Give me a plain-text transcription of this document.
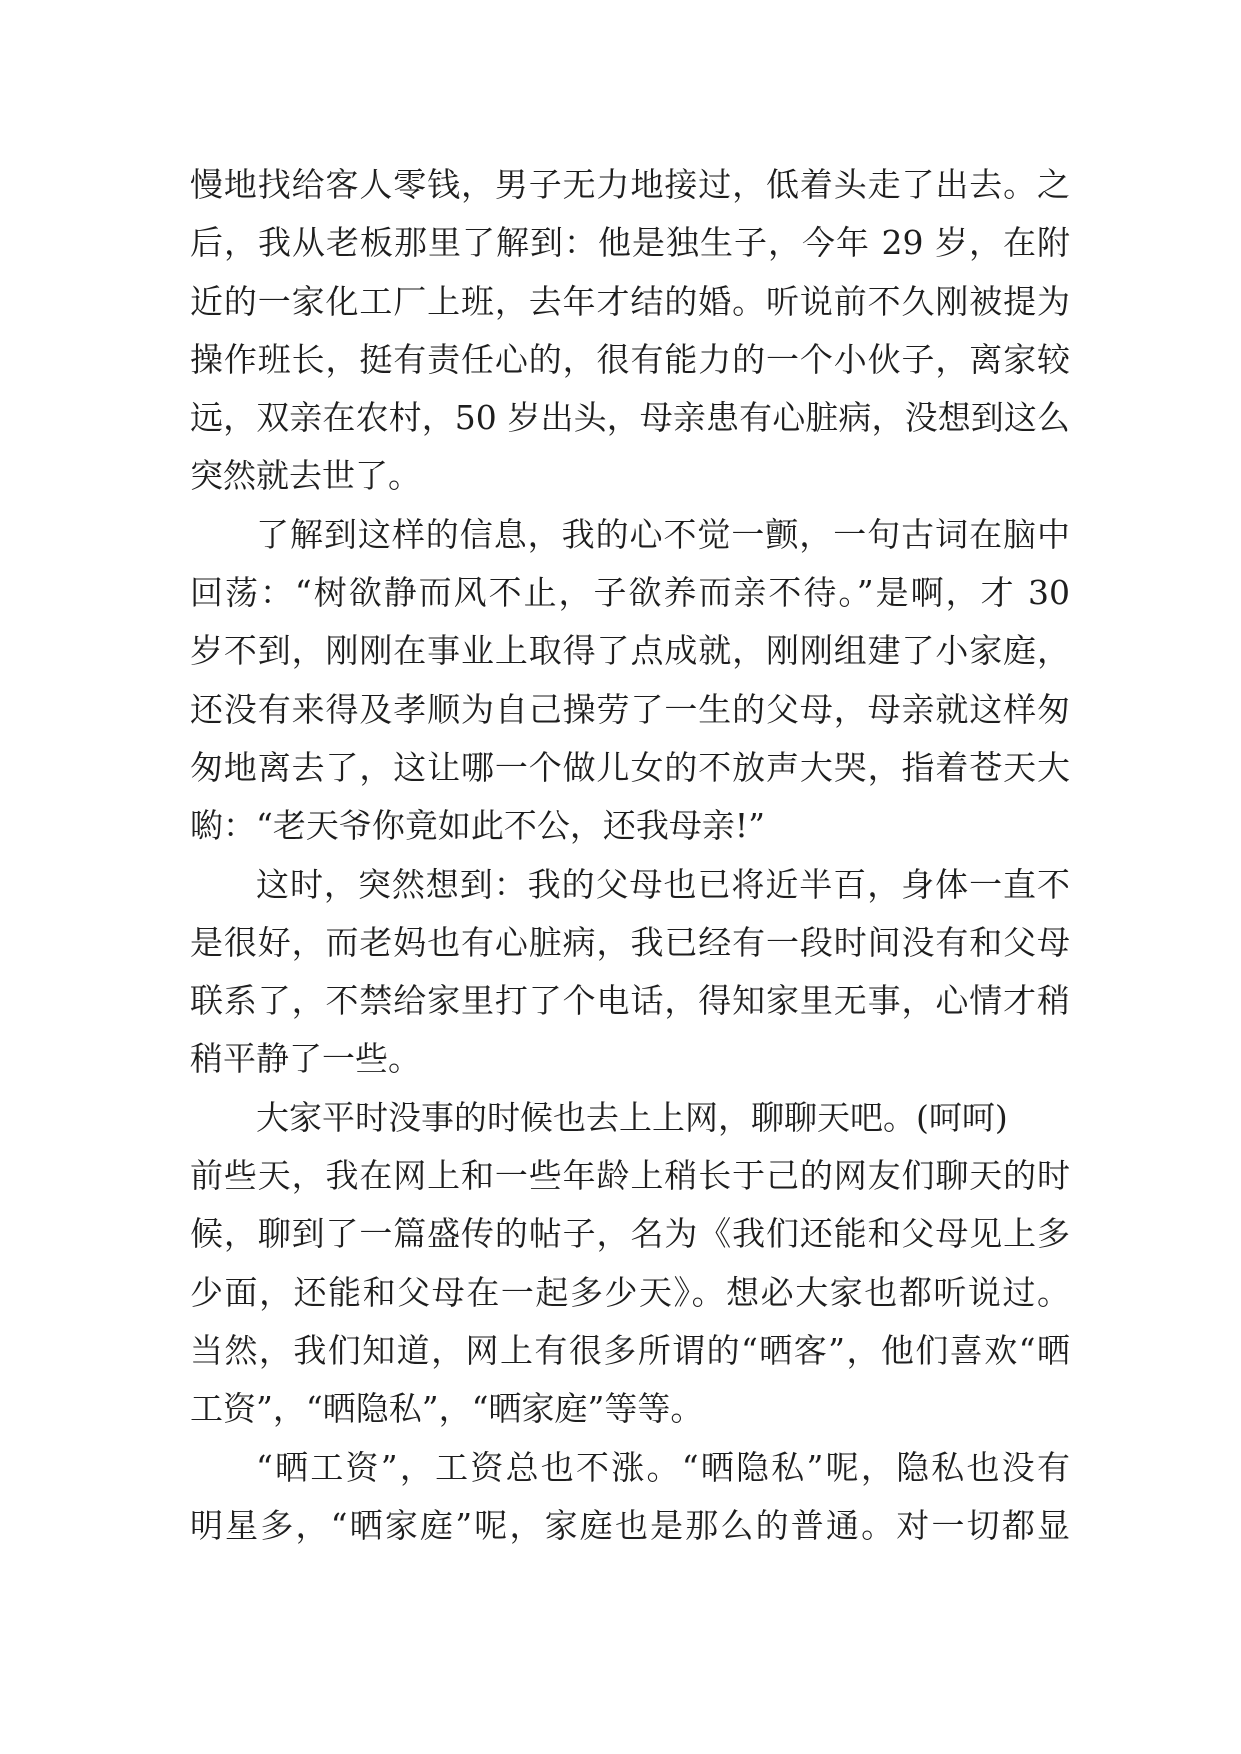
慢地找给客人零钱，男子无力地接过，低着头走了出去。之
后，我从老板那里了解到：他是独生子，今年 29 岁，在附
近的一家化工厂上班，去年才结的婚。听说前不久刚被提为
操作班长，挺有责任心的，很有能力的一个小伙子，离家较
远，双亲在农村，50 岁出头，母亲患有心脏病，没想到这么
突然就去世了。
了解到这样的信息，我的心不觉一颤，一句古词在脑中
回荡：“树欲静而风不止，子欲养而亲不待。”是啊，才 30
岁不到，刚刚在事业上取得了点成就，刚刚组建了小家庭，
还没有来得及孝顺为自己操劳了一生的父母，母亲就这样匆
匆地离去了，这让哪一个做儿女的不放声大哭，指着苍天大
喲：“老天爷你竟如此不公，还我母亲!”
这时，突然想到：我的父母也已将近半百，身体一直不
是很好，而老妈也有心脏病，我已经有一段时间没有和父母
联系了，不禁给家里打了个电话，得知家里无事，心情才稍
稍平静了一些。
大家平时没事的时候也去上上网，聊聊天吧。(呵呵)
前些天，我在网上和一些年龄上稍长于己的网友们聊天的时
候，聊到了一篇盛传的帖子，名为《我们还能和父母见上多
少面，还能和父母在一起多少天》。想必大家也都听说过。
当然，我们知道，网上有很多所谓的“晒客”，他们喜欢“晒
工资”，“晒隐私”，“晒家庭”等等。
“晒工资”，工资总也不涨。“晒隐私”呢，隐私也没有
明星多，“晒家庭”呢，家庭也是那么的普通。对一切都显
